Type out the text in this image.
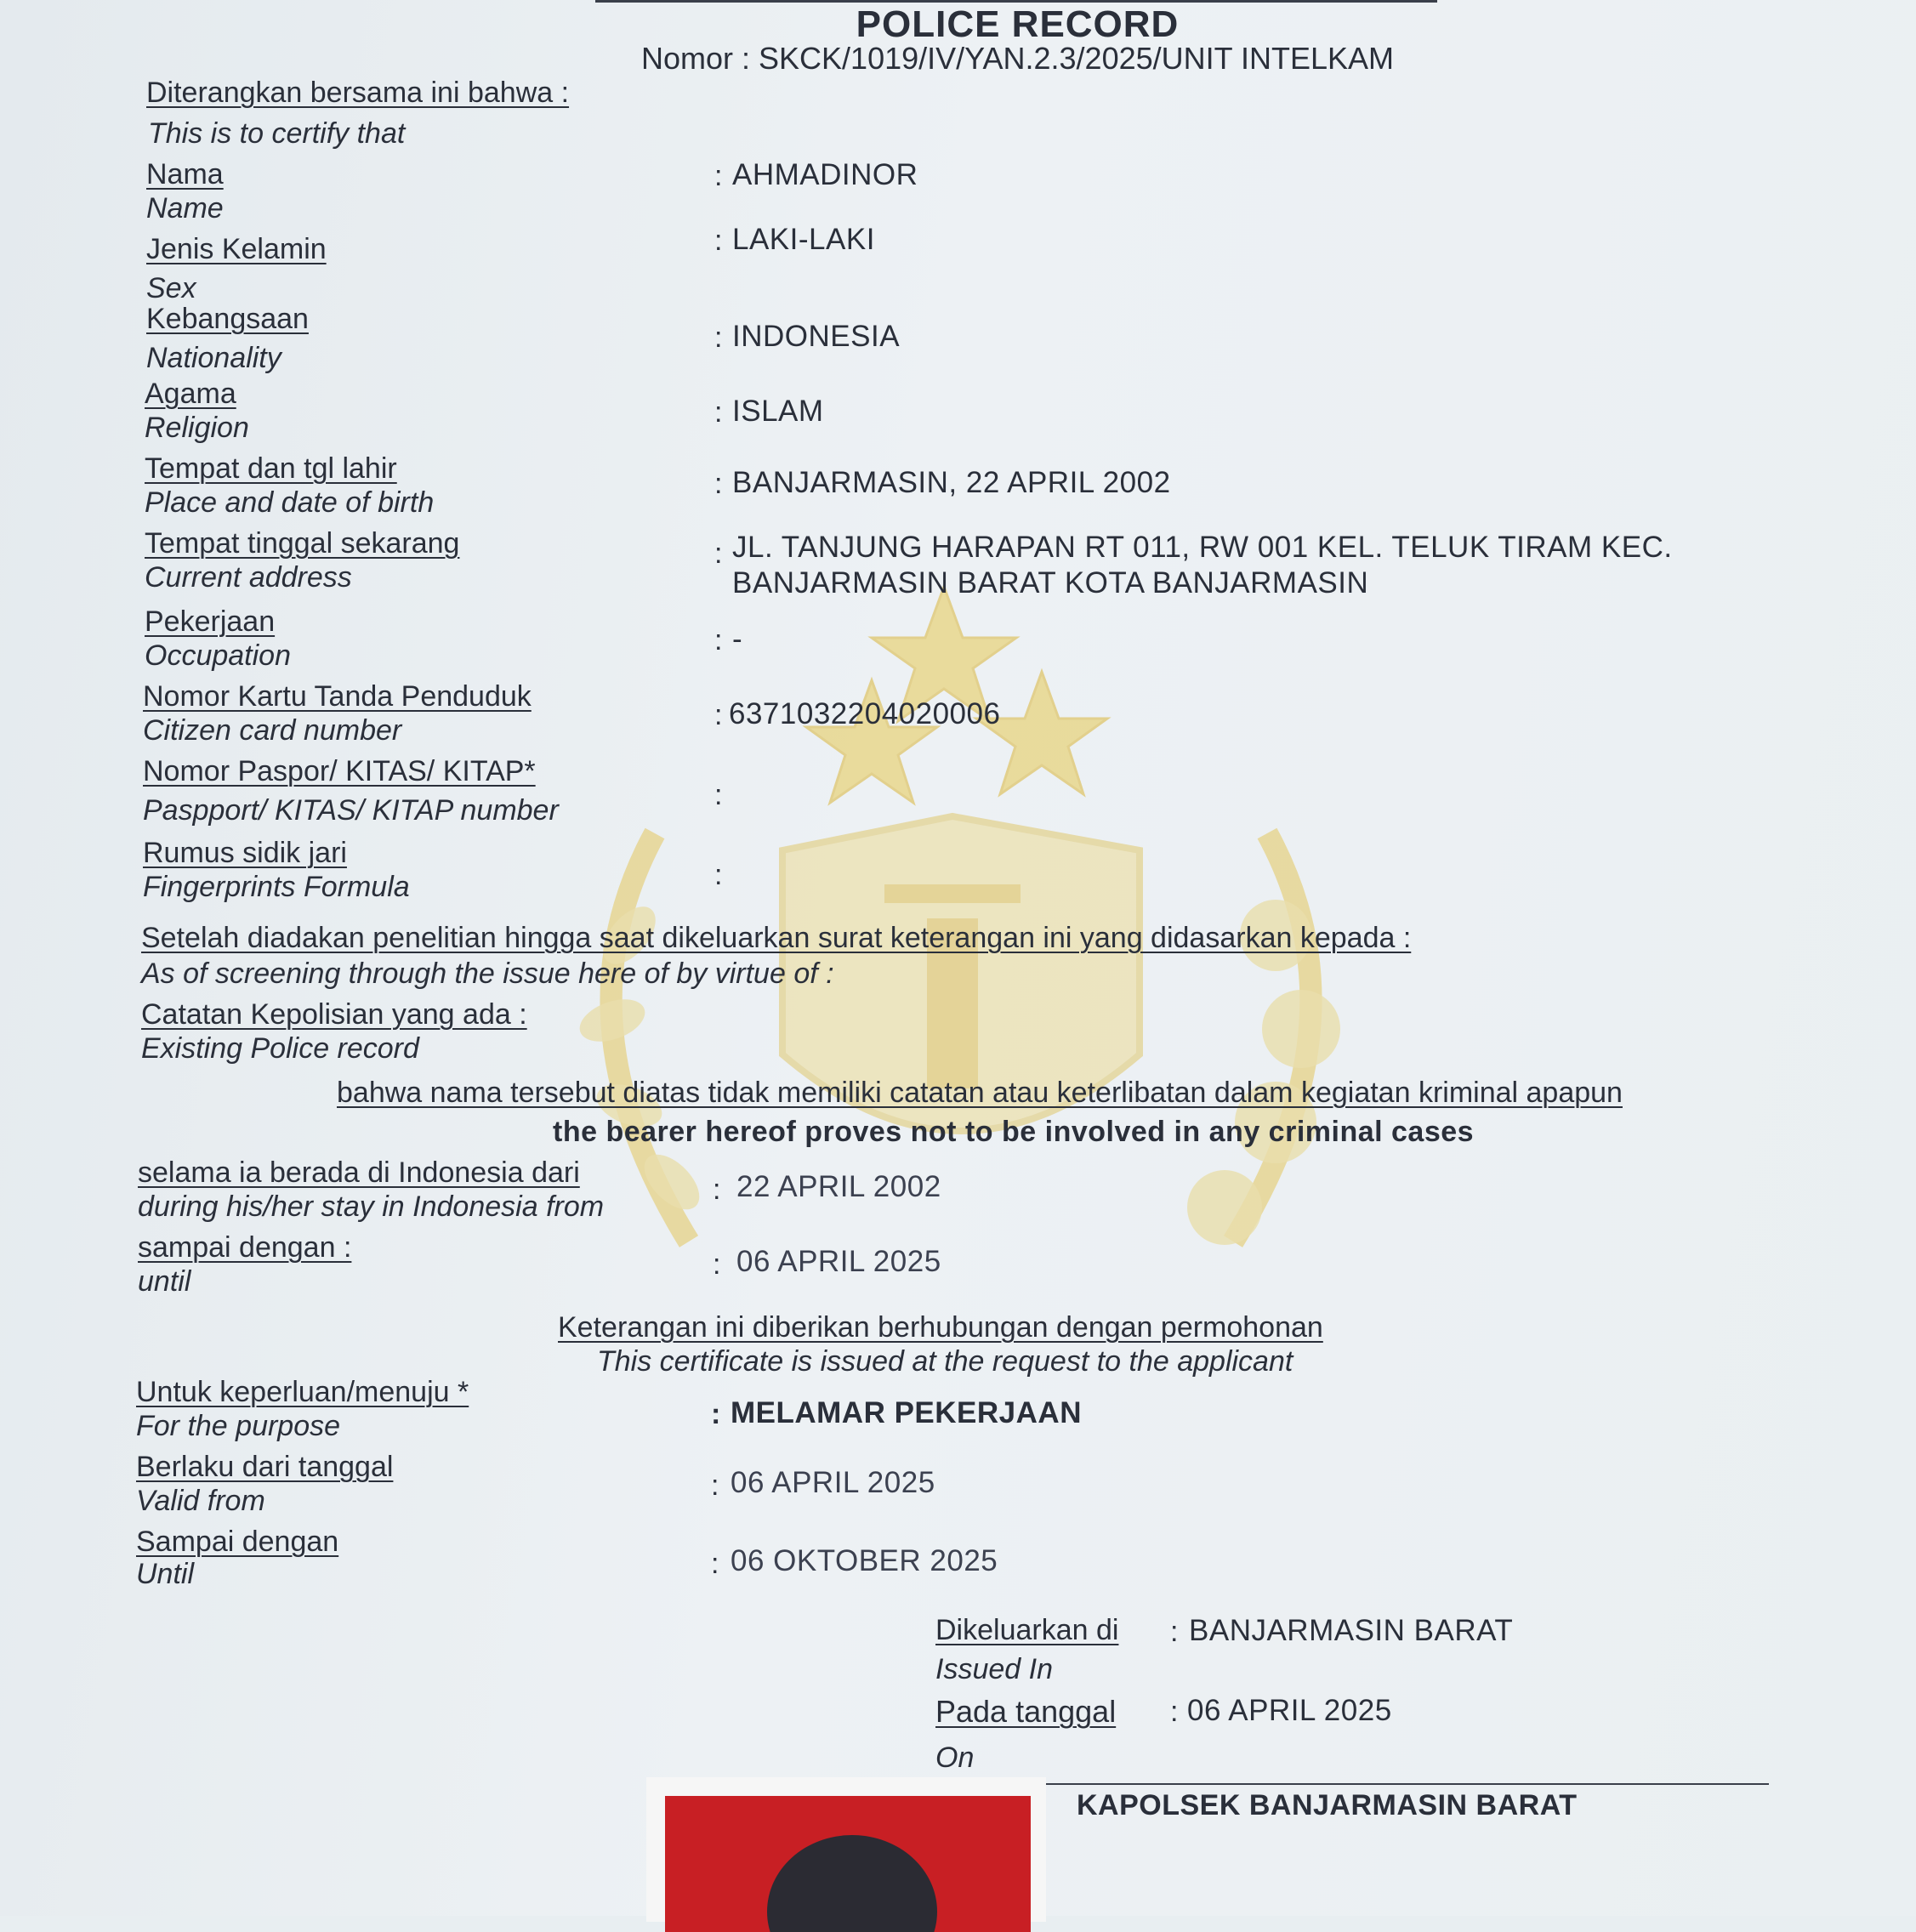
POLICE RECORD
Nomor : SKCK/1019/IV/YAN.2.3/2025/UNIT INTELKAM
Diterangkan bersama ini bahwa :
This is to certify that
Nama
Name
: AHMADINOR
Jenis Kelamin
Sex
: LAKI-LAKI
Kebangsaan
Nationality
: INDONESIA
Agama
Religion	: ISLAM
Tempat dan tgl lahir
Place and date of birth
: BANJARMASIN, 22 APRIL 2002
Tempat tinggal sekarang
Current address
: JL. TANJUNG HARAPAN RT 011, RW 001 KEL. TELUK TIRAM KEC.
BANJARMASIN BARAT KOTA BANJARMASIN
Pekerjaan
Occupation	: -
Nomor Kartu Tanda Penduduk
Citizen card number	: 6371032204020006
Nomor Paspor/ KITAS/ KITAP*
Paspport/ KITAS/ KITAP number	:
Rumus sidik jari
Fingerprints Formula	:
Setelah diadakan penelitian hingga saat dikeluarkan surat keterangan ini yang didasarkan kepada :
As of screening through the issue here of by virtue of :
Catatan Kepolisian yang ada :
Existing Police record
bahwa nama tersebut diatas tidak memiliki catatan atau keterlibatan dalam kegiatan kriminal apapun
the bearer hereof proves not to be involved in any criminal cases
selama ia berada di Indonesia dari
during his/her stay in Indonesia from
: 22 APRIL 2002
sampai dengan :
until
: 06 APRIL 2025
Keterangan ini diberikan berhubungan dengan permohonan
This certificate is issued at the request to the applicant
Untuk keperluan/menuju *
For the purpose	: MELAMAR PEKERJAAN
Berlaku dari tanggal
Valid from	: 06 APRIL 2025
Sampai dengan
Until	: 06 OKTOBER 2025
Dikeluarkan di
Issued In
: BANJARMASIN BARAT
Pada tanggal
On
: 06 APRIL 2025
KAPOLSEK BANJARMASIN BARAT
